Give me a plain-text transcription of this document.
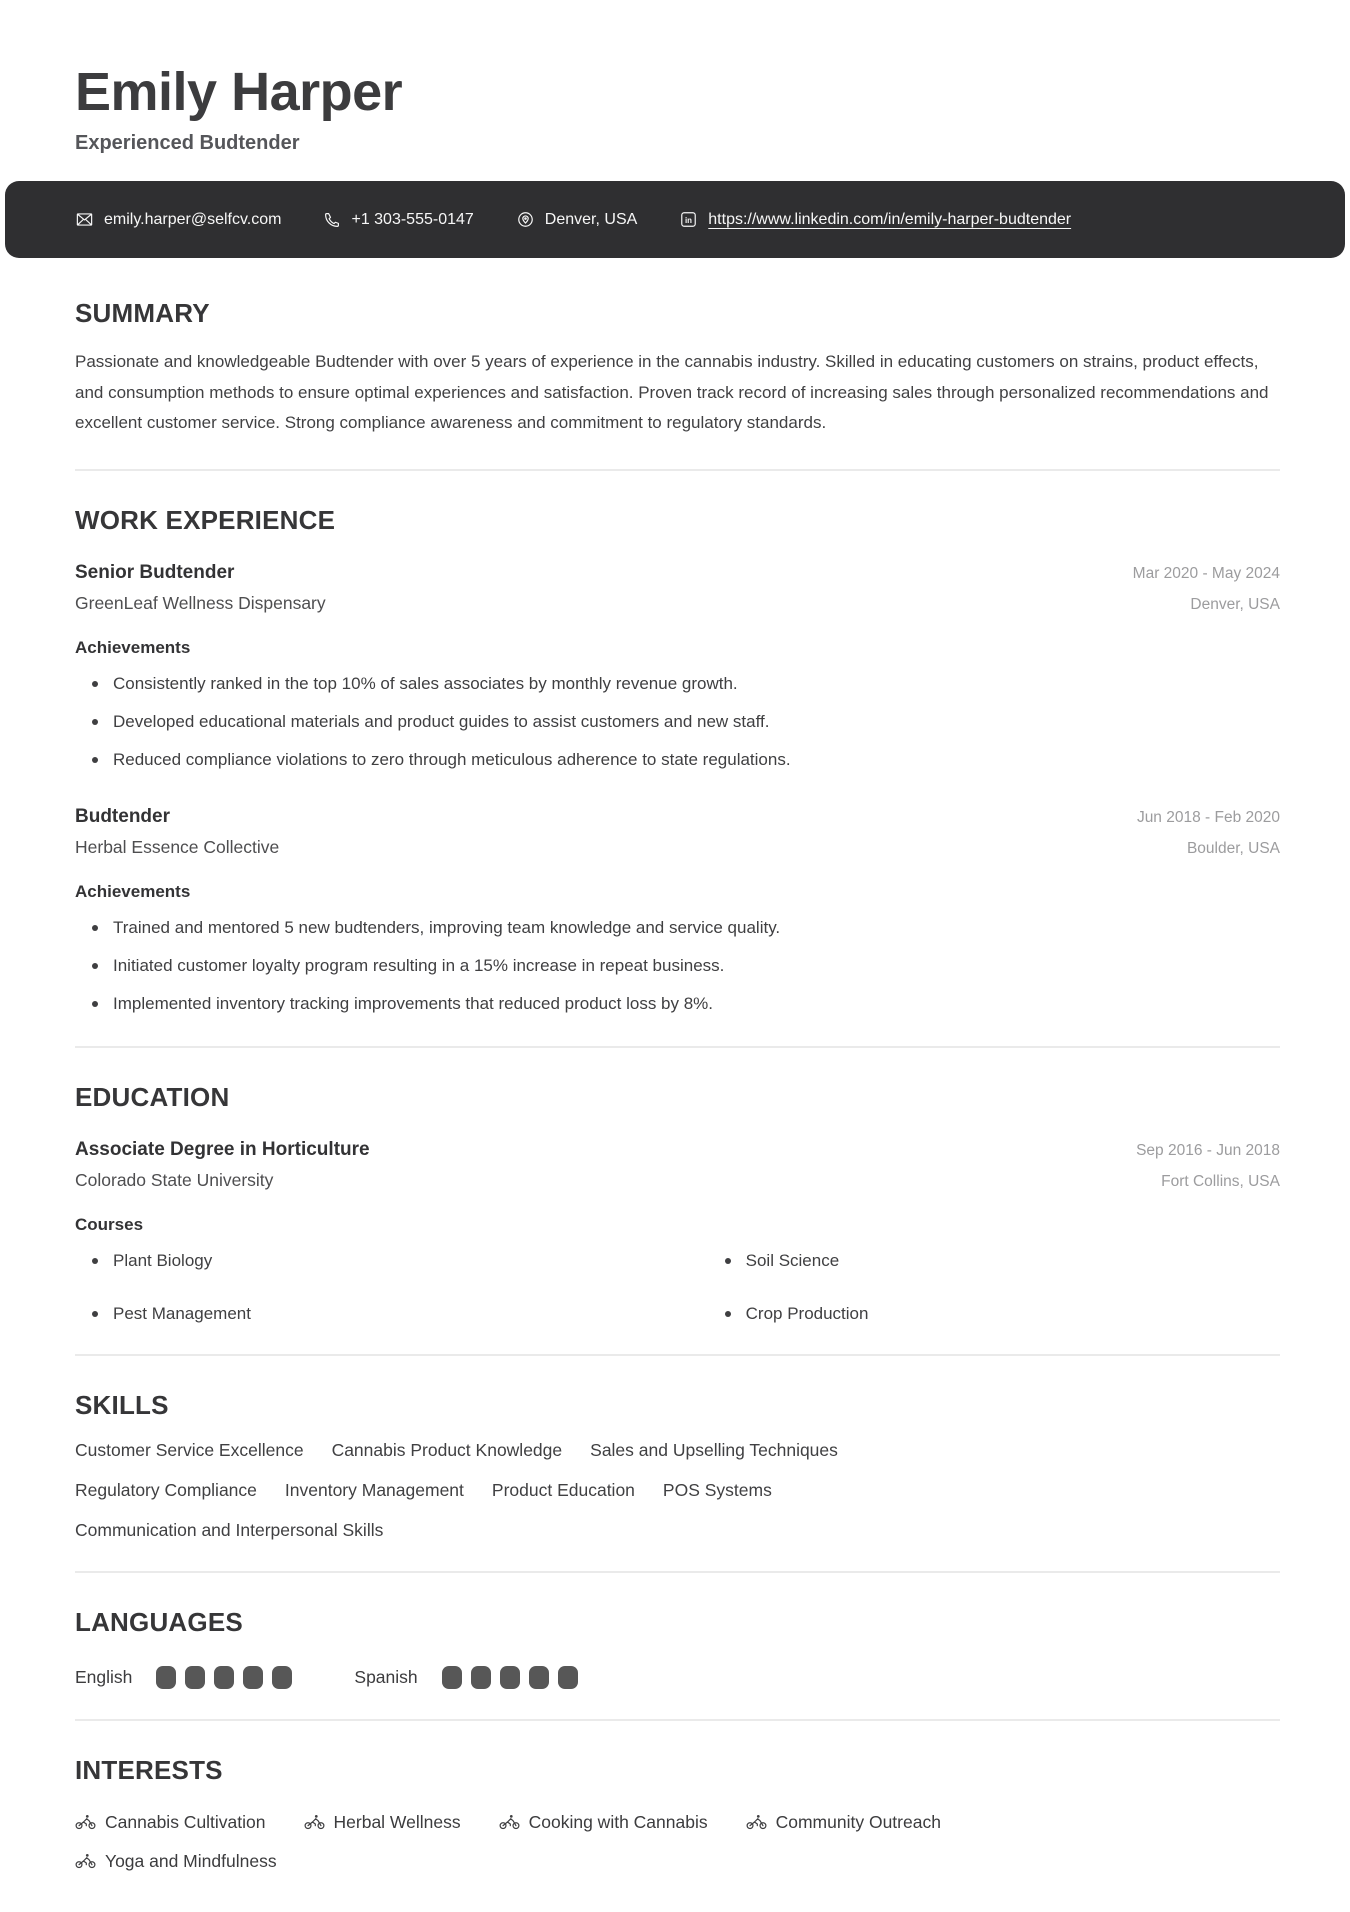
Emily Harper
Experienced Budtender
emily.harper@selfcv.com	+1 303-555-0147	Denver, USA	in https://www.linkedin.com/in/emily-harper-budtender
SUMMARY

Passionate and knowledgeable Budtender with over 5 years of experience in the cannabis industry. Skilled in educating customers on strains, product effects, and consumption methods to ensure optimal experiences and satisfaction. Proven track record of increasing sales through personalized recommendations and excellent customer service. Strong compliance awareness and commitment to regulatory standards.

WORK EXPERIENCE
Senior Budtender	Mar 2020 - May 2024
GreenLeaf Wellness Dispensary	Denver, USA
Achievements
Consistently ranked in the top 10% of sales associates by monthly revenue growth.
Developed educational materials and product guides to assist customers and new staff.
Reduced compliance violations to zero through meticulous adherence to state regulations.
Budtender	Jun 2018 - Feb 2020
Herbal Essence Collective	Boulder, USA
Achievements
Trained and mentored 5 new budtenders, improving team knowledge and service quality.
Initiated customer loyalty program resulting in a 15% increase in repeat business.
Implemented inventory tracking improvements that reduced product loss by 8%.
EDUCATION
Associate Degree in Horticulture	Sep 2016 - Jun 2018
Colorado State University	Fort Collins, USA
Courses
Plant Biology	Soil Science
Pest Management	Crop Production
SKILLS
Customer Service Excellence Cannabis Product Knowledge Sales and Upselling Techniques
Regulatory Compliance Inventory Management Product Education POS Systems
Communication and Interpersonal Skills
LANGUAGES
English	Spanish
INTERESTS
Cannabis Cultivation	Herbal Wellness	Cooking with Cannabis	Community Outreach
Yoga and Mindfulness
